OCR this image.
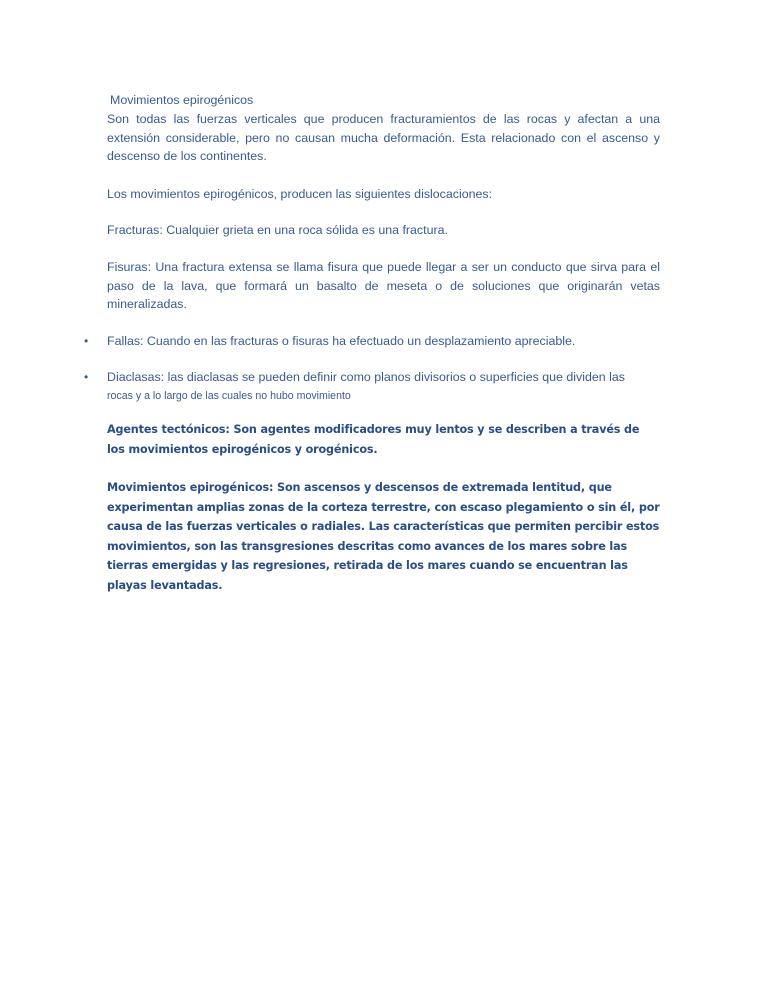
Movimientos epirogénicos

Son todas las fuerzas verticales que producen fracturamientos de las rocas y afectan a una extensión considerable, pero no causan mucha deformación. Esta relacionado con el ascenso y descenso de los continentes.

Los movimientos epirogénicos, producen las siguientes dislocaciones:

Fracturas: Cualquier grieta en una roca sólida es una fractura.

Fisuras: Una fractura extensa se llama fisura que puede llegar a ser un conducto que sirva para el paso de la lava, que formará un basalto de meseta o de soluciones que originarán vetas mineralizadas.

• Fallas: Cuando en las fracturas o fisuras ha efectuado un desplazamiento apreciable.

• Diaclasas: las diaclasas se pueden definir como planos divisorios o superficies que dividen las
rocas y a lo largo de las cuales no hubo movimiento

Agentes tectónicos: Son agentes modificadores muy lentos y se describen a través de los movimientos epirogénicos y orogénicos.

Movimientos epirogénicos: Son ascensos y descensos de extremada lentitud, que experimentan amplias zonas de la corteza terrestre, con escaso plegamiento o sin él, por causa de las fuerzas verticales o radiales. Las características que permiten percibir estos movimientos, son las transgresiones descritas como avances de los mares sobre las tierras emergidas y las regresiones, retirada de los mares cuando se encuentran las playas levantadas.
